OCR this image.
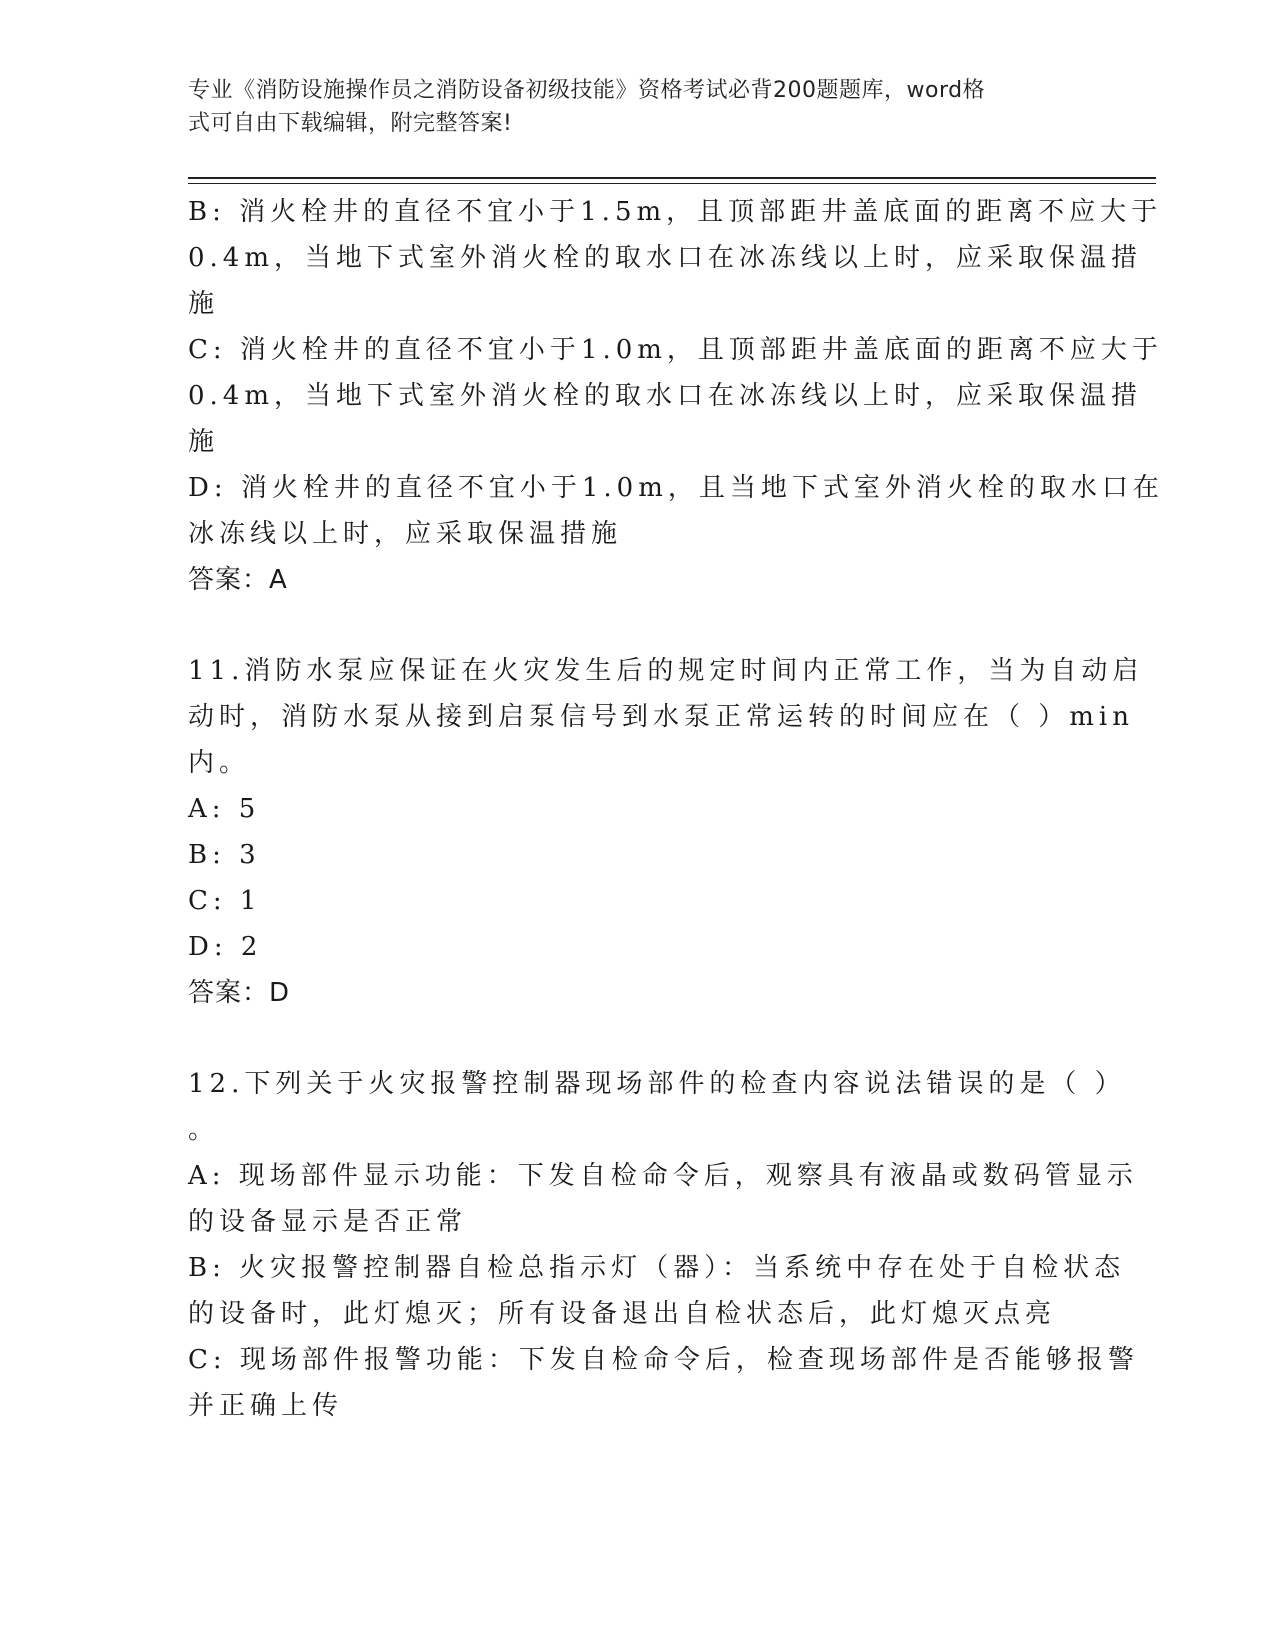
专业《消防设施操作员之消防设备初级技能》资格考试必背200题题库，word格
式可自由下载编辑，附完整答案!
B: 消火栓井的直径不宜小于1.5m，且顶部距井盖底面的距离不应大于
0.4m，当地下式室外消火栓的取水口在冰冻线以上时，应采取保温措
施
C: 消火栓井的直径不宜小于1.0m，且顶部距井盖底面的距离不应大于
0.4m，当地下式室外消火栓的取水口在冰冻线以上时，应采取保温措
施
D: 消火栓井的直径不宜小于1.0m，且当地下式室外消火栓的取水口在
冰冻线以上时，应采取保温措施
答案：A
11.消防水泵应保证在火灾发生后的规定时间内正常工作，当为自动启
动时，消防水泵从接到启泵信号到水泵正常运转的时间应在（ ）min
内。
A: 5
B: 3
C: 1
D: 2
答案：D
12.下列关于火灾报警控制器现场部件的检查内容说法错误的是（ ）
。
A: 现场部件显示功能：下发自检命令后，观察具有液晶或数码管显示
的设备显示是否正常
B: 火灾报警控制器自检总指示灯（器）：当系统中存在处于自检状态
的设备时，此灯熄灭；所有设备退出自检状态后，此灯熄灭点亮
C: 现场部件报警功能：下发自检命令后，检查现场部件是否能够报警
并正确上传
